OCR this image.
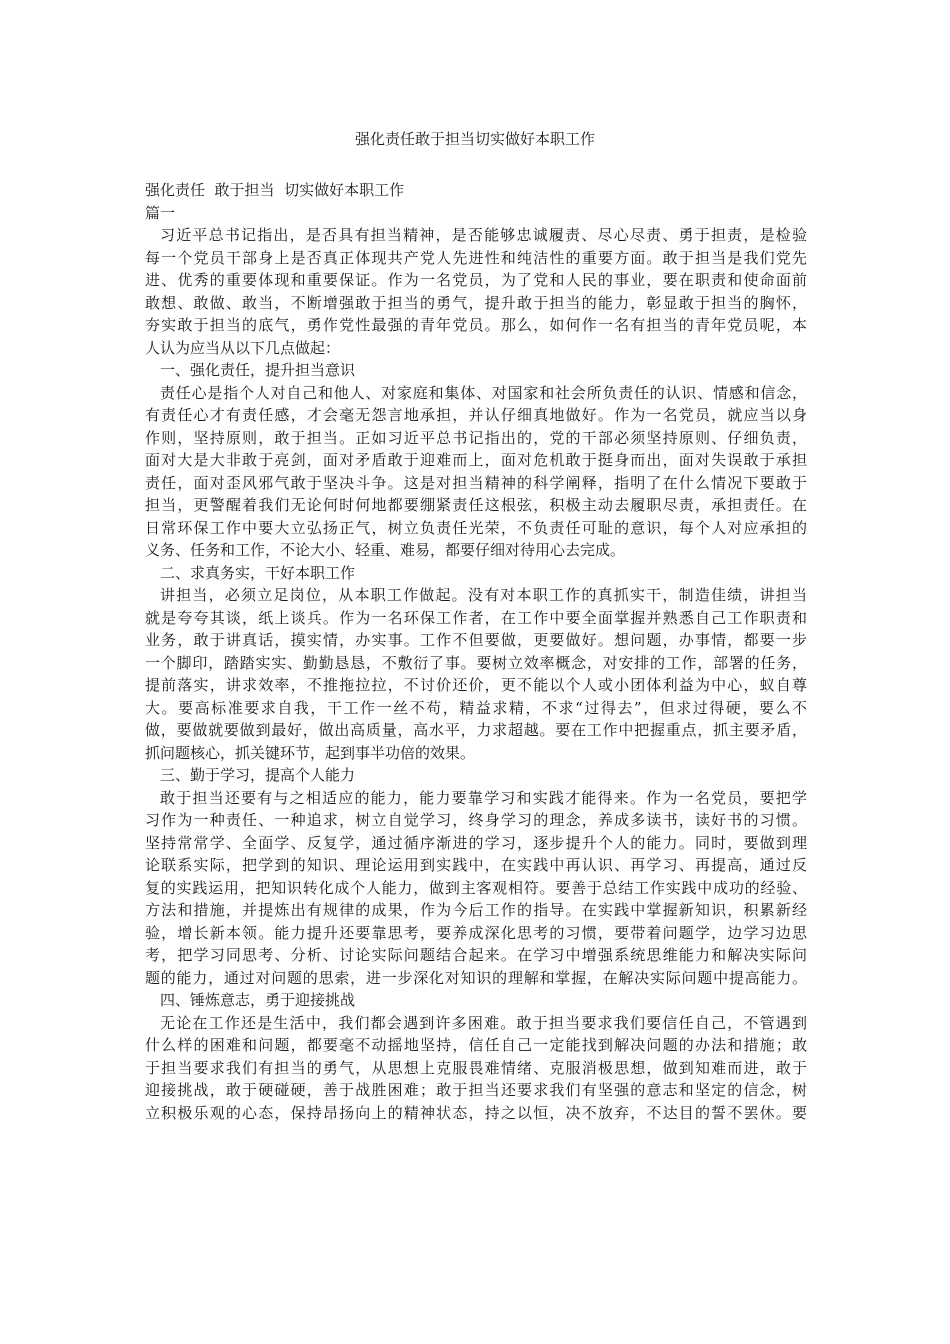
强化责任敢于担当切实做好本职工作
强化责任  敢于担当  切实做好本职工作
篇一
习近平总书记指出，是否具有担当精神，是否能够忠诚履责、尽心尽责、勇于担责，是检验
每一个党员干部身上是否真正体现共产党人先进性和纯洁性的重要方面。敢于担当是我们党先
进、优秀的重要体现和重要保证。作为一名党员，为了党和人民的事业，要在职责和使命面前
敢想、敢做、敢当，不断增强敢于担当的勇气，提升敢于担当的能力，彰显敢于担当的胸怀，
夯实敢于担当的底气，勇作党性最强的青年党员。那么，如何作一名有担当的青年党员呢，本
人认为应当从以下几点做起：
一、强化责任，提升担当意识
责任心是指个人对自己和他人、对家庭和集体、对国家和社会所负责任的认识、情感和信念，
有责任心才有责任感，才会毫无怨言地承担，并认仔细真地做好。作为一名党员，就应当以身
作则，坚持原则，敢于担当。正如习近平总书记指出的，党的干部必须坚持原则、仔细负责，
面对大是大非敢于亮剑，面对矛盾敢于迎难而上，面对危机敢于挺身而出，面对失误敢于承担
责任，面对歪风邪气敢于坚决斗争。这是对担当精神的科学阐释，指明了在什么情况下要敢于
担当，更警醒着我们无论何时何地都要绷紧责任这根弦，积极主动去履职尽责，承担责任。在
日常环保工作中要大立弘扬正气，树立负责任光荣，不负责任可耻的意识，每个人对应承担的
义务、任务和工作，不论大小、轻重、难易，都要仔细对待用心去完成。
二、求真务实，干好本职工作
讲担当，必须立足岗位，从本职工作做起。没有对本职工作的真抓实干，制造佳绩，讲担当
就是夸夸其谈，纸上谈兵。作为一名环保工作者，在工作中要全面掌握并熟悉自己工作职责和
业务，敢于讲真话，摸实情，办实事。工作不但要做，更要做好。想问题，办事情，都要一步
一个脚印，踏踏实实、勤勤恳恳，不敷衍了事。要树立效率概念，对安排的工作，部署的任务，
提前落实，讲求效率，不推拖拉拉，不讨价还价，更不能以个人或小团体利益为中心，蚁自尊
大。要高标准要求自我，干工作一丝不苟，精益求精，不求“过得去”，但求过得硬，要么不
做，要做就要做到最好，做出高质量，高水平，力求超越。要在工作中把握重点，抓主要矛盾，
抓问题核心，抓关键环节，起到事半功倍的效果。
三、勤于学习，提高个人能力
敢于担当还要有与之相适应的能力，能力要靠学习和实践才能得来。作为一名党员，要把学
习作为一种责任、一种追求，树立自觉学习，终身学习的理念，养成多读书，读好书的习惯。
坚持常常学、全面学、反复学，通过循序渐进的学习，逐步提升个人的能力。同时，要做到理
论联系实际，把学到的知识、理论运用到实践中，在实践中再认识、再学习、再提高，通过反
复的实践运用，把知识转化成个人能力，做到主客观相符。要善于总结工作实践中成功的经验、
方法和措施，并提炼出有规律的成果，作为今后工作的指导。在实践中掌握新知识，积累新经
验，增长新本领。能力提升还要靠思考，要养成深化思考的习惯，要带着问题学，边学习边思
考，把学习同思考、分析、讨论实际问题结合起来。在学习中增强系统思维能力和解决实际问
题的能力，通过对问题的思索，进一步深化对知识的理解和掌握，在解决实际问题中提高能力。
四、锤炼意志，勇于迎接挑战
无论在工作还是生活中，我们都会遇到许多困难。敢于担当要求我们要信任自己，不管遇到
什么样的困难和问题，都要毫不动摇地坚持，信任自己一定能找到解决问题的办法和措施；敢
于担当要求我们有担当的勇气，从思想上克服畏难情绪、克服消极思想，做到知难而进，敢于
迎接挑战，敢于硬碰硬，善于战胜困难；敢于担当还要求我们有坚强的意志和坚定的信念，树
立积极乐观的心态，保持昂扬向上的精神状态，持之以恒，决不放弃，不达目的誓不罢休。要
